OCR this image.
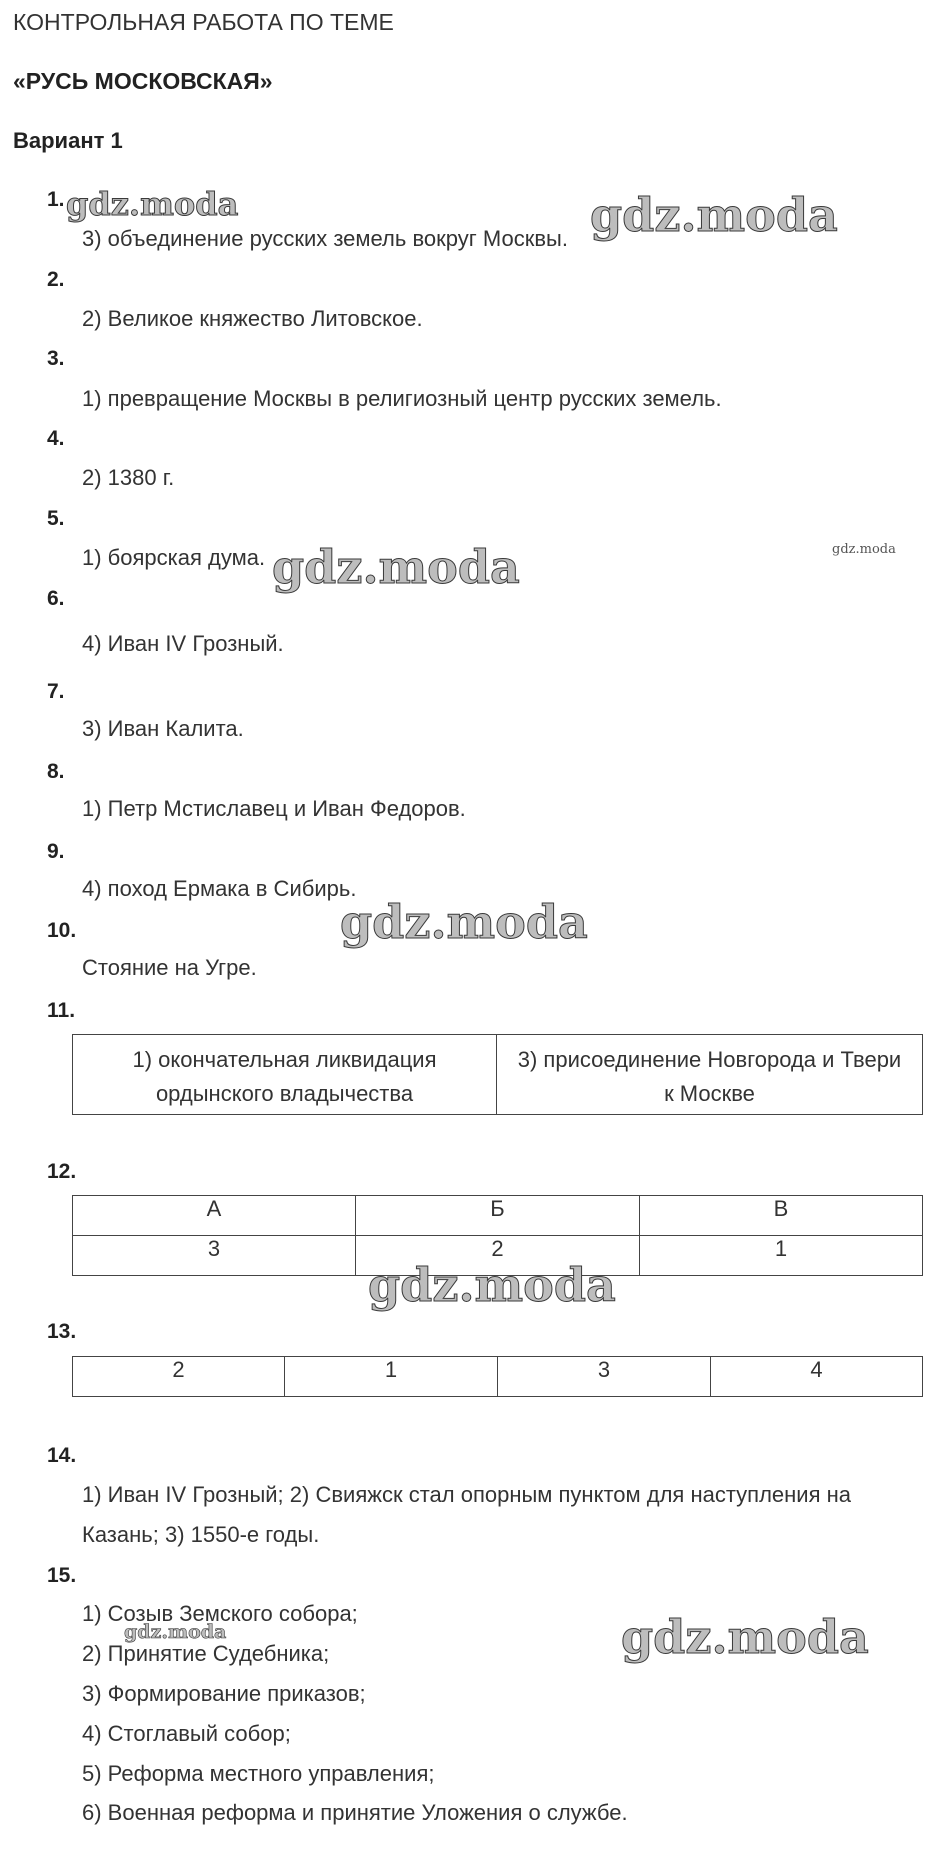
КОНТРОЛЬНАЯ РАБОТА ПО ТЕМЕ
«РУСЬ МОСКОВСКАЯ»
Вариант 1
1.
3) объединение русских земель вокруг Москвы.
2.
2) Великое княжество Литовское.
3.
1) превращение Москвы в религиозный центр русских земель.
4.
2) 1380 г.
5.
1) боярская дума.
6.
4) Иван IV Грозный.
7.
3) Иван Калита.
8.
1) Петр Мстиславец и Иван Федоров.
9.
4) поход Ермака в Сибирь.
10.
Стояние на Угре.
11.
1) окончательная ликвидация	3) присоединение Новгорода и Твери
ордынского владычества	к Москве
12.
А	Б	В
3	2	1
13.
2	1	3	4
14.
1) Иван IV Грозный; 2) Свияжск стал опорным пунктом для наступления на
Казань; 3) 1550-е годы.
15.
1) Созыв Земского собора;
2) Принятие Судебника;
3) Формирование приказов;
4) Стоглавый собор;
5) Реформа местного управления;
6) Военная реформа и принятие Уложения о службе.
gdz.moda	gdz.moda
gdz.moda	gdz.moda
gdz.moda
gdz.moda
gdz.moda	gdz.moda
